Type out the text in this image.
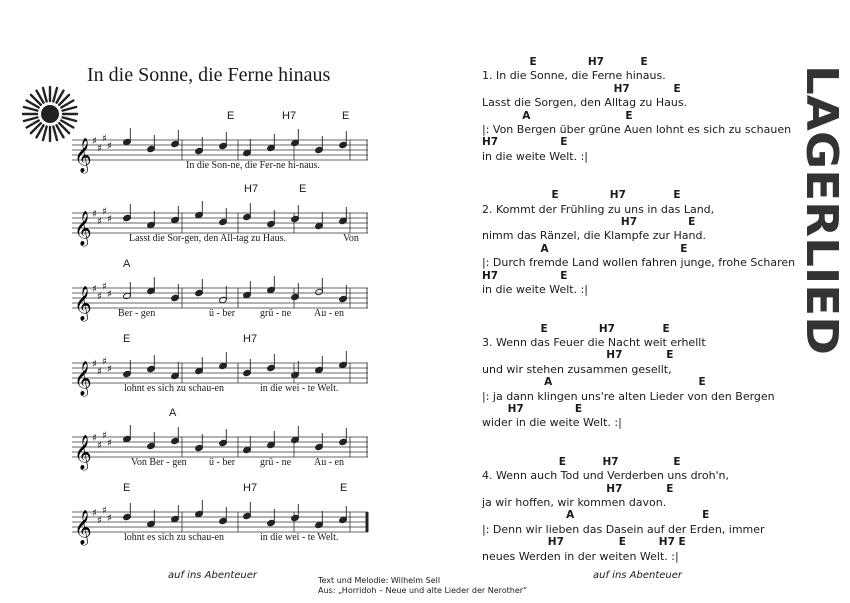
In die Sonne, die Ferne hinaus
E	H7	E
𝄞 ♯
♯
♯
♯
In die Son-ne, die Fer-ne hi-naus.
H7	E
𝄞 ♯
♯
♯
♯
Lasst die Sor-gen, den All-tag zu Haus.	Von
A
𝄞 ♯
♯
♯
♯
Ber - gen	ü - ber grü - ne Au - en
E	H7
𝄞 ♯
♯
♯
♯
lohnt es sich zu schau-en	in die wei - te Welt.
A
𝄞 ♯
♯
♯
♯
Von Ber - gen ü - ber grü - ne Au - en
E	H7	E
𝄞 ♯
♯
♯
♯
lohnt es sich zu schau-en	in die wei - te Welt.
E              H7          E
1. In die Sonne, die Ferne hinaus.
H7            E
Lasst die Sorgen, den Alltag zu Haus.
A                          E
|: Von Bergen über grüne Auen lohnt es sich zu schauen
H7                 E
in die weite Welt. :|
E              H7             E
2. Kommt der Frühling zu uns in das Land,
H7              E
nimm das Ränzel, die Klampfe zur Hand.
A                                    E
|: Durch fremde Land wollen fahren junge, frohe Scharen
H7                 E
in die weite Welt. :|
E              H7             E
3. Wenn das Feuer die Nacht weit erhellt
H7            E
und wir stehen zusammen gesellt,
A                                        E
|: ja dann klingen uns're alten Lieder von den Bergen
H7              E
wider in die weite Welt. :|
E          H7               E
4. Wenn auch Tod und Verderben uns droh'n,
H7            E
ja wir hoffen, wir kommen davon.
A                                   E
|: Denn wir lieben das Dasein auf der Erden, immer
H7               E         H7 E
neues Werden in der weiten Welt. :|
LAGERLIED
auf ins Abenteuer	Text und Melodie: Wilhelm Sell
Aus: „Horridoh – Neue und alte Lieder der Nerother“
auf ins Abenteuer
